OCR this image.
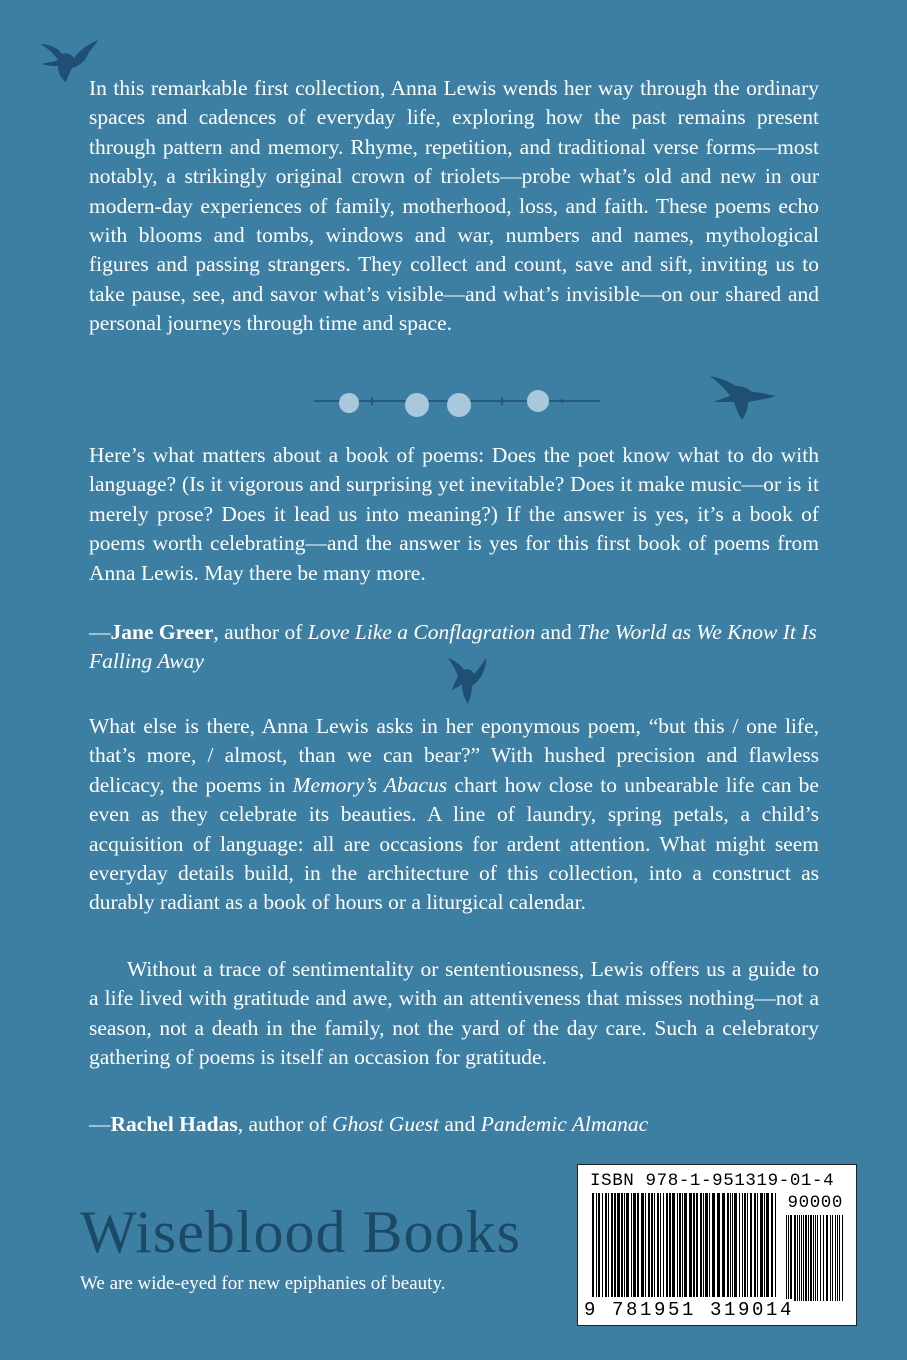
In this remarkable first collection, Anna Lewis wends her way through the ordinary spaces and cadences of everyday life, exploring how the past remains present through pattern and memory. Rhyme, repetition, and traditional verse forms—most notably, a strikingly original crown of triolets—probe what’s old and new in our modern-day experiences of family, motherhood, loss, and faith. These poems echo with blooms and tombs, windows and war, numbers and names, mythological figures and passing strangers. They collect and count, save and sift, inviting us to take pause, see, and savor what’s visible—and what’s invisible—on our shared and personal journeys through time and space.

Here’s what matters about a book of poems: Does the poet know what to do with language? (Is it vigorous and surprising yet inevitable? Does it make music—or is it merely prose? Does it lead us into meaning?) If the answer is yes, it’s a book of poems worth celebrating—and the answer is yes for this first book of poems from Anna Lewis. May there be many more.

—Jane Greer, author of Love Like a Conflagration and The World as We Know It Is Falling Away

What else is there, Anna Lewis asks in her eponymous poem, “but this / one life, that’s more, / almost, than we can bear?” With hushed precision and flawless delicacy, the poems in Memory’s Abacus chart how close to unbearable life can be even as they celebrate its beauties. A line of laundry, spring petals, a child’s acquisition of language: all are occasions for ardent attention. What might seem everyday details build, in the architecture of this collection, into a construct as durably radiant as a book of hours or a liturgical calendar.

Without a trace of sentimentality or sententiousness, Lewis offers us a guide to a life lived with gratitude and awe, with an attentiveness that misses nothing—not a season, not a death in the family, not the yard of the day care. Such a celebratory gathering of poems is itself an occasion for gratitude.

—Rachel Hadas, author of Ghost Guest and Pandemic Almanac

Wiseblood Books
We are wide-eyed for new epiphanies of beauty.
ISBN 978-1-951319-01-4
90000
9 781951 319014
